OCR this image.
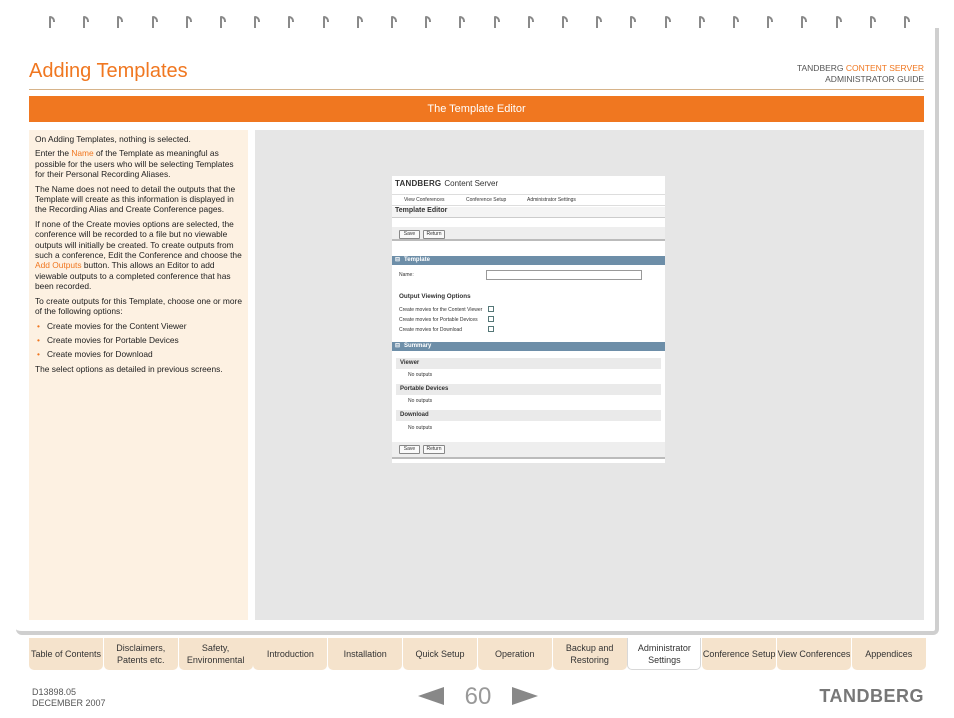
Adding Templates	TANDBERG CONTENT SERVER
ADMINISTRATOR GUIDE
The Template Editor

On Adding Templates, nothing is selected.

Enter the Name of the Template as meaningful as possible for the users who will be selecting Templates for their Personal Recording Aliases.

The Name does not need to detail the outputs that the Template will create as this information is displayed in the Recording Alias and Create Conference pages.

If none of the Create movies options are selected, the conference will be recorded to a file but no viewable outputs will initially be created. To create outputs from such a conference, Edit the Conference and choose the Add Outputs button. This allows an Editor to add viewable outputs to a completed conference that has been recorded.

To create outputs for this Template, choose one or more of the following options:

• Create movies for the Content Viewer
• Create movies for Portable Devices
• Create movies for Download

The select options as detailed in previous screens.

TANDBERG Content Server
View Conferences	Conference Setup	Administrator Settings
Template Editor
Save	Return
⊟ Template
Name:
Output Viewing Options
Create movies for the Content Viewer
Create movies for Portable Devices
Create movies for Download
⊟ Summary
Viewer
No outputs
Portable Devices
No outputs
Download
No outputs
Save	Return
Table of Contents
Disclaimers, Patents etc.
Safety, Environmental
Introduction	Installation	Quick Setup	Operation
Backup and Restoring
Administrator Settings
Conference Setup View Conferences	Appendices
D13898.05
DECEMBER 2007	60	TANDBERG
